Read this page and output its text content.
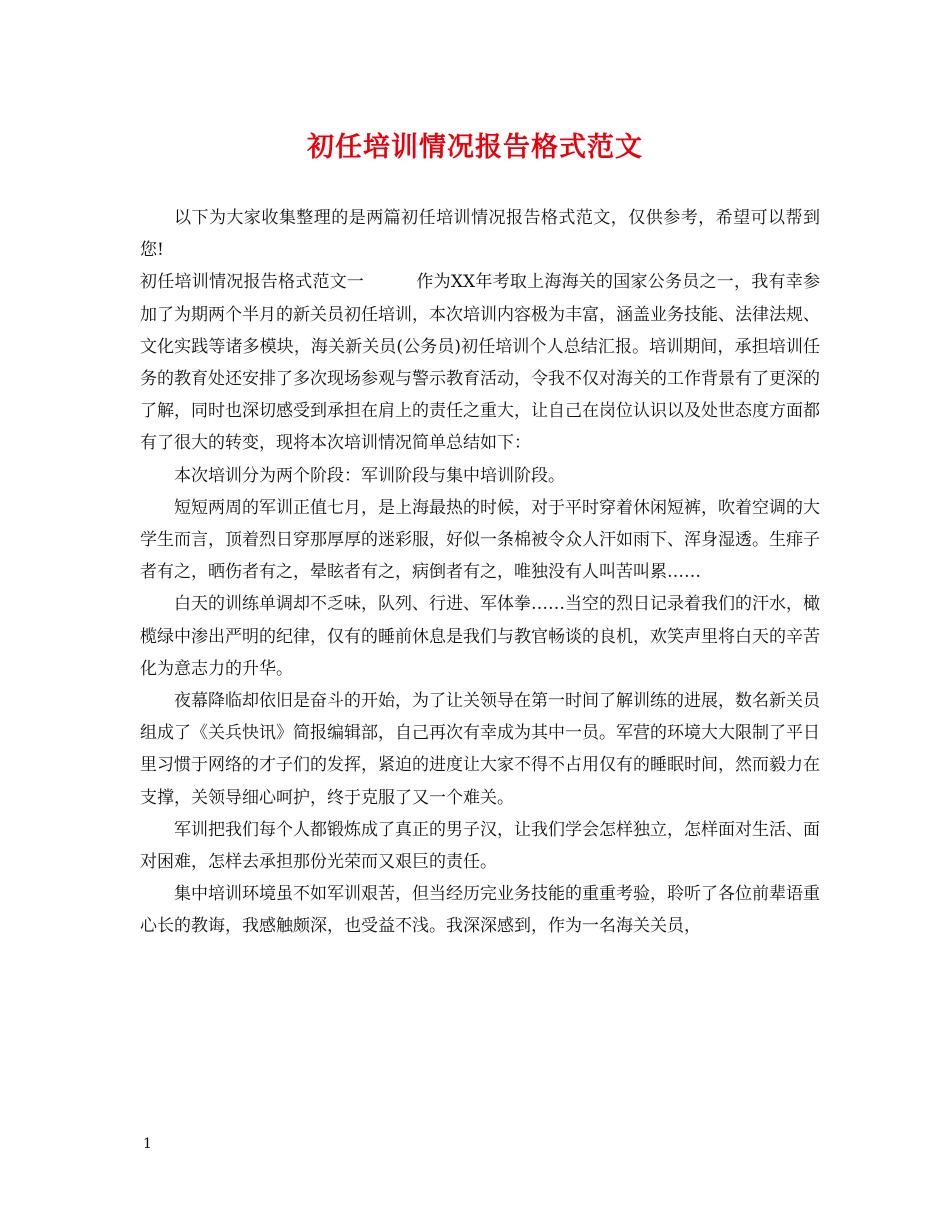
初任培训情况报告格式范文

以下为大家收集整理的是两篇初任培训情况报告格式范文，仅供参考，希望可以帮到您!

初任培训情况报告格式范文一	作为XX年考取上海海关的国家公务员之一，我有幸参加了为期两个半月的新关员初任培训，本次培训内容极为丰富，涵盖业务技能、法律法规、文化实践等诸多模块，海关新关员(公务员)初任培训个人总结汇报。培训期间，承担培训任务的教育处还安排了多次现场参观与警示教育活动，令我不仅对海关的工作背景有了更深的了解，同时也深切感受到承担在肩上的责任之重大，让自己在岗位认识以及处世态度方面都有了很大的转变，现将本次培训情况简单总结如下：

本次培训分为两个阶段：军训阶段与集中培训阶段。

短短两周的军训正值七月，是上海最热的时候，对于平时穿着休闲短裤，吹着空调的大学生而言，顶着烈日穿那厚厚的迷彩服，好似一条棉被令众人汗如雨下、浑身湿透。生痱子者有之，晒伤者有之，晕眩者有之，病倒者有之，唯独没有人叫苦叫累……

白天的训练单调却不乏味，队列、行进、军体拳……当空的烈日记录着我们的汗水，橄榄绿中渗出严明的纪律，仅有的睡前休息是我们与教官畅谈的良机，欢笑声里将白天的辛苦化为意志力的升华。

夜幕降临却依旧是奋斗的开始，为了让关领导在第一时间了解训练的进展，数名新关员组成了《关兵快讯》简报编辑部，自己再次有幸成为其中一员。军营的环境大大限制了平日里习惯于网络的才子们的发挥，紧迫的进度让大家不得不占用仅有的睡眠时间，然而毅力在支撑，关领导细心呵护，终于克服了又一个难关。

军训把我们每个人都锻炼成了真正的男子汉，让我们学会怎样独立，怎样面对生活、面对困难，怎样去承担那份光荣而又艰巨的责任。

集中培训环境虽不如军训艰苦，但当经历完业务技能的重重考验，聆听了各位前辈语重心长的教诲，我感触颇深，也受益不浅。我深深感到，作为一名海关关员，

1
